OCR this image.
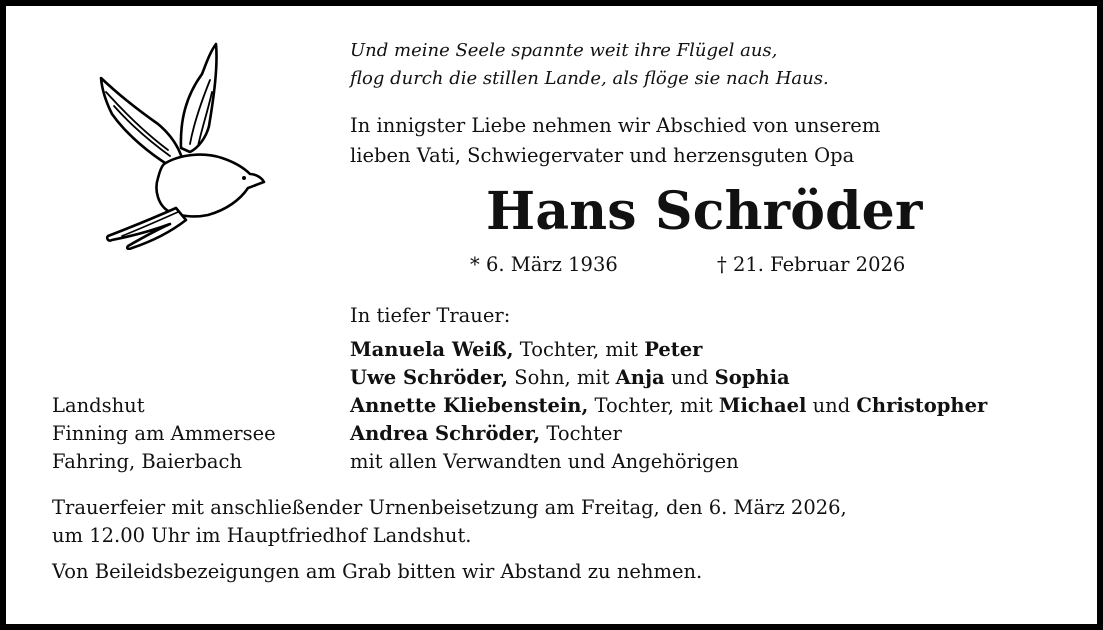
Und meine Seele spannte weit ihre Flügel aus,
flog durch die stillen Lande, als flöge sie nach Haus.
In innigster Liebe nehmen wir Abschied von unserem
lieben Vati, Schwiegervater und herzensguten Opa
Hans Schröder
* 6. März 1936	† 21. Februar 2026
In tiefer Trauer:
Manuela Weiß, Tochter, mit Peter
Uwe Schröder, Sohn, mit Anja und Sophia
Annette Kliebenstein, Tochter, mit Michael und Christopher
Andrea Schröder, Tochter
mit allen Verwandten und Angehörigen
Landshut
Finning am Ammersee
Fahring, Baierbach
Trauerfeier mit anschließender Urnenbeisetzung am Freitag, den 6. März 2026,
um 12.00 Uhr im Hauptfriedhof Landshut.
Von Beileidsbezeigungen am Grab bitten wir Abstand zu nehmen.
